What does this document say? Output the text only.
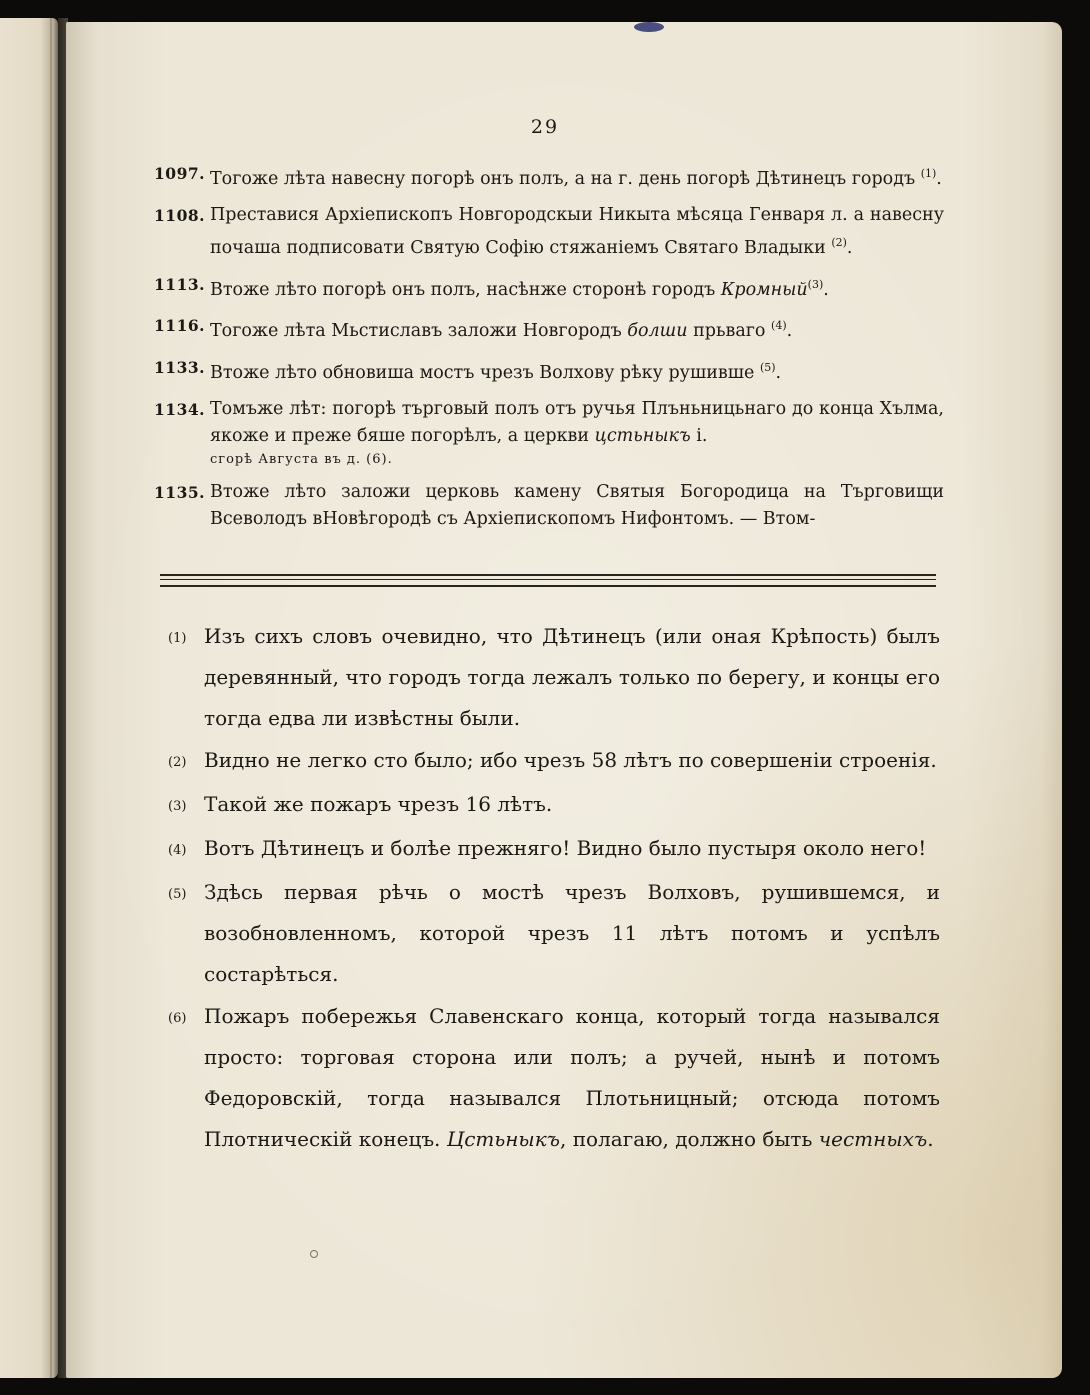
29
1097. Тогоже лѣта навесну погорѣ онъ полъ, а на г. день погорѣ Дѣтинецъ городъ $^{(1)}$.
1108. Преставися Архіепископъ Новгородскыи Никыта мѣсяца Генваря л. а навесну почаша подписовати Святую Софію стяжаніемъ Святаго Владыки $^{(2)}$.
1113. Втоже лѣто погорѣ онъ полъ, насѣнже сторонѣ городъ Кромный$^{(3)}$.
1116. Тогоже лѣта Мьстиславъ заложи Новгородъ болши прьваго $^{(4)}$.
1133. Втоже лѣто обновиша мостъ чрезъ Волхову рѣку рушивше $^{(5)}$.
1134. Томъже лѣт: погорѣ търговый полъ отъ ручья Плъньницьнаго до конца Хълма, якоже и преже бяше погорѣлъ, а церкви цстьныкъ і.
сгорѣ Августа въ д. (6).
1135. Втоже лѣто заложи церковь камену Святыя Богородица на Търговищи Всеволодъ вНовѣгородѣ съ Архіепископомъ Нифонтомъ. — Втом-
(1) Изъ сихъ словъ очевидно, что Дѣтинецъ (или оная Крѣпость) былъ деревянный, что городъ тогда лежалъ только по берегу, и концы его тогда едва ли извѣстны были.
(2) Видно не легко сто было; ибо чрезъ 58 лѣтъ по совершеніи строенія.
(3) Такой же пожаръ чрезъ 16 лѣтъ.
(4) Вотъ Дѣтинецъ и болѣе прежняго! Видно было пустыря около него!
(5) Здѣсь первая рѣчь о мостѣ чрезъ Волховъ, рушившемся, и возобновленномъ, которой чрезъ 11 лѣтъ потомъ и успѣлъ состарѣться.
(6) Пожаръ побережья Славенскаго конца, который тогда назывался просто: торговая сторона или полъ; а ручей, нынѣ и потомъ Федоровскій, тогда назывался Плотьницный; отсюда потомъ Плотничеcкій конецъ. Цстьныкъ, полагаю, должно быть честныхъ.
